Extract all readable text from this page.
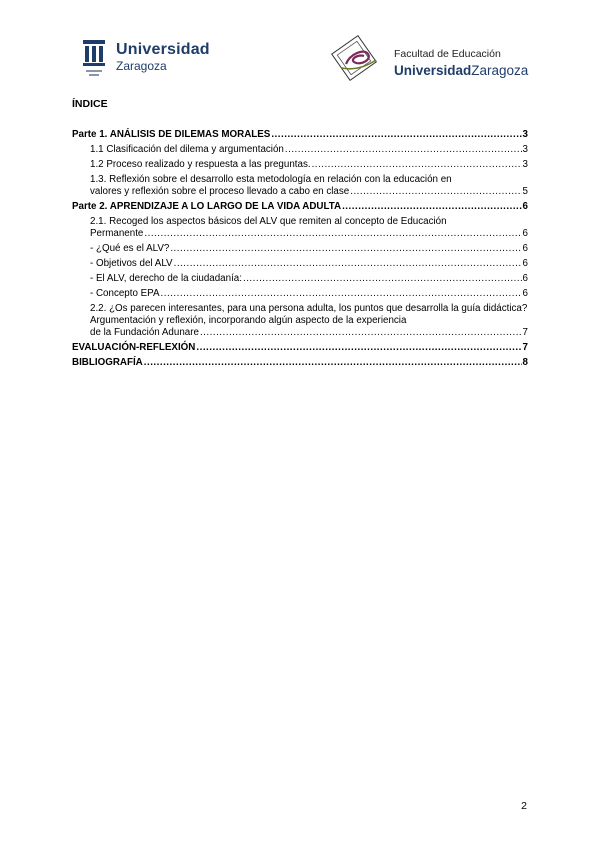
Universidad
Zaragoza
Facultad de Educación
UniversidadZaragoza
ÍNDICE
Parte 1. ANÁLISIS DE DILEMAS MORALES .....	3
1.1 Clasificación del dilema y argumentación .....	3
1.2 Proceso realizado y respuesta a las preguntas. .....	3
1.3. Reflexión sobre el desarrollo esta metodología en relación con la educación en
valores y reflexión sobre el proceso llevado a cabo en clase .....	5
Parte 2. APRENDIZAJE A LO LARGO DE LA VIDA ADULTA .....	6
2.1. Recoged los aspectos básicos del ALV que remiten al concepto de Educación
Permanente .....	6
- ¿Qué es el ALV? .....	6
- Objetivos del ALV .....	6
- El ALV, derecho de la ciudadanía: .....	6
- Concepto EPA .....	6
2.2. ¿Os parecen interesantes, para una persona adulta, los puntos que desarrolla la guía didáctica? Argumentación y reflexión, incorporando algún aspecto de la experiencia
de la Fundación Adunare .....	7
EVALUACIÓN-REFLEXIÓN .....	7
BIBLIOGRAFÍA .....	8
2
